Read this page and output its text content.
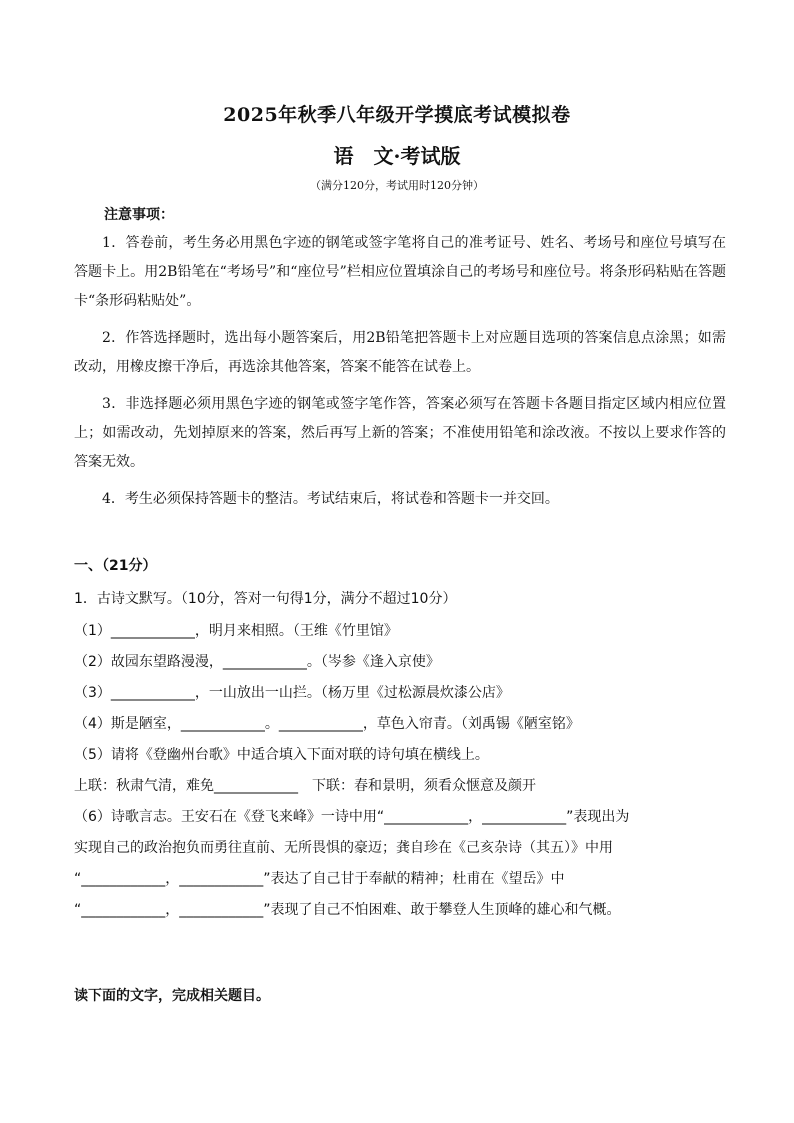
2025年秋季八年级开学摸底考试模拟卷
语　文·考试版
（满分120分，考试用时120分钟）
注意事项：

1．答卷前，考生务必用黑色字迹的钢笔或签字笔将自己的准考证号、姓名、考场号和座位号填写在答题卡上。用2B铅笔在“考场号”和“座位号”栏相应位置填涂自己的考场号和座位号。将条形码粘贴在答题卡“条形码粘贴处”。

2．作答选择题时，选出每小题答案后，用2B铅笔把答题卡上对应题目选项的答案信息点涂黑；如需改动，用橡皮擦干净后，再选涂其他答案，答案不能答在试卷上。

3．非选择题必须用黑色字迹的钢笔或签字笔作答，答案必须写在答题卡各题目指定区域内相应位置上；如需改动，先划掉原来的答案，然后再写上新的答案；不准使用铅笔和涂改液。不按以上要求作答的答案无效。

4．考生必须保持答题卡的整洁。考试结束后，将试卷和答题卡一并交回。

一、（21分）
1．古诗文默写。（10分，答对一句得1分，满分不超过10分）
（1）____________，明月来相照。（王维《竹里馆》
（2）故园东望路漫漫，____________。（岑参《逢入京使》
（3）____________，一山放出一山拦。（杨万里《过松源晨炊漆公店》
（4）斯是陋室，____________。____________，草色入帘青。（刘禹锡《陋室铭》
（5）请将《登幽州台歌》中适合填入下面对联的诗句填在横线上。
上联：秋肃气清，难免____________　下联：春和景明，须看众惬意及颜开
（6）诗歌言志。王安石在《登飞来峰》一诗中用“____________，____________”表现出为
实现自己的政治抱负而勇往直前、无所畏惧的豪迈；龚自珍在《己亥杂诗（其五）》中用
“____________，____________”表达了自己甘于奉献的精神；杜甫在《望岳》中
“____________，____________”表现了自己不怕困难、敢于攀登人生顶峰的雄心和气概。
读下面的文字，完成相关题目。
